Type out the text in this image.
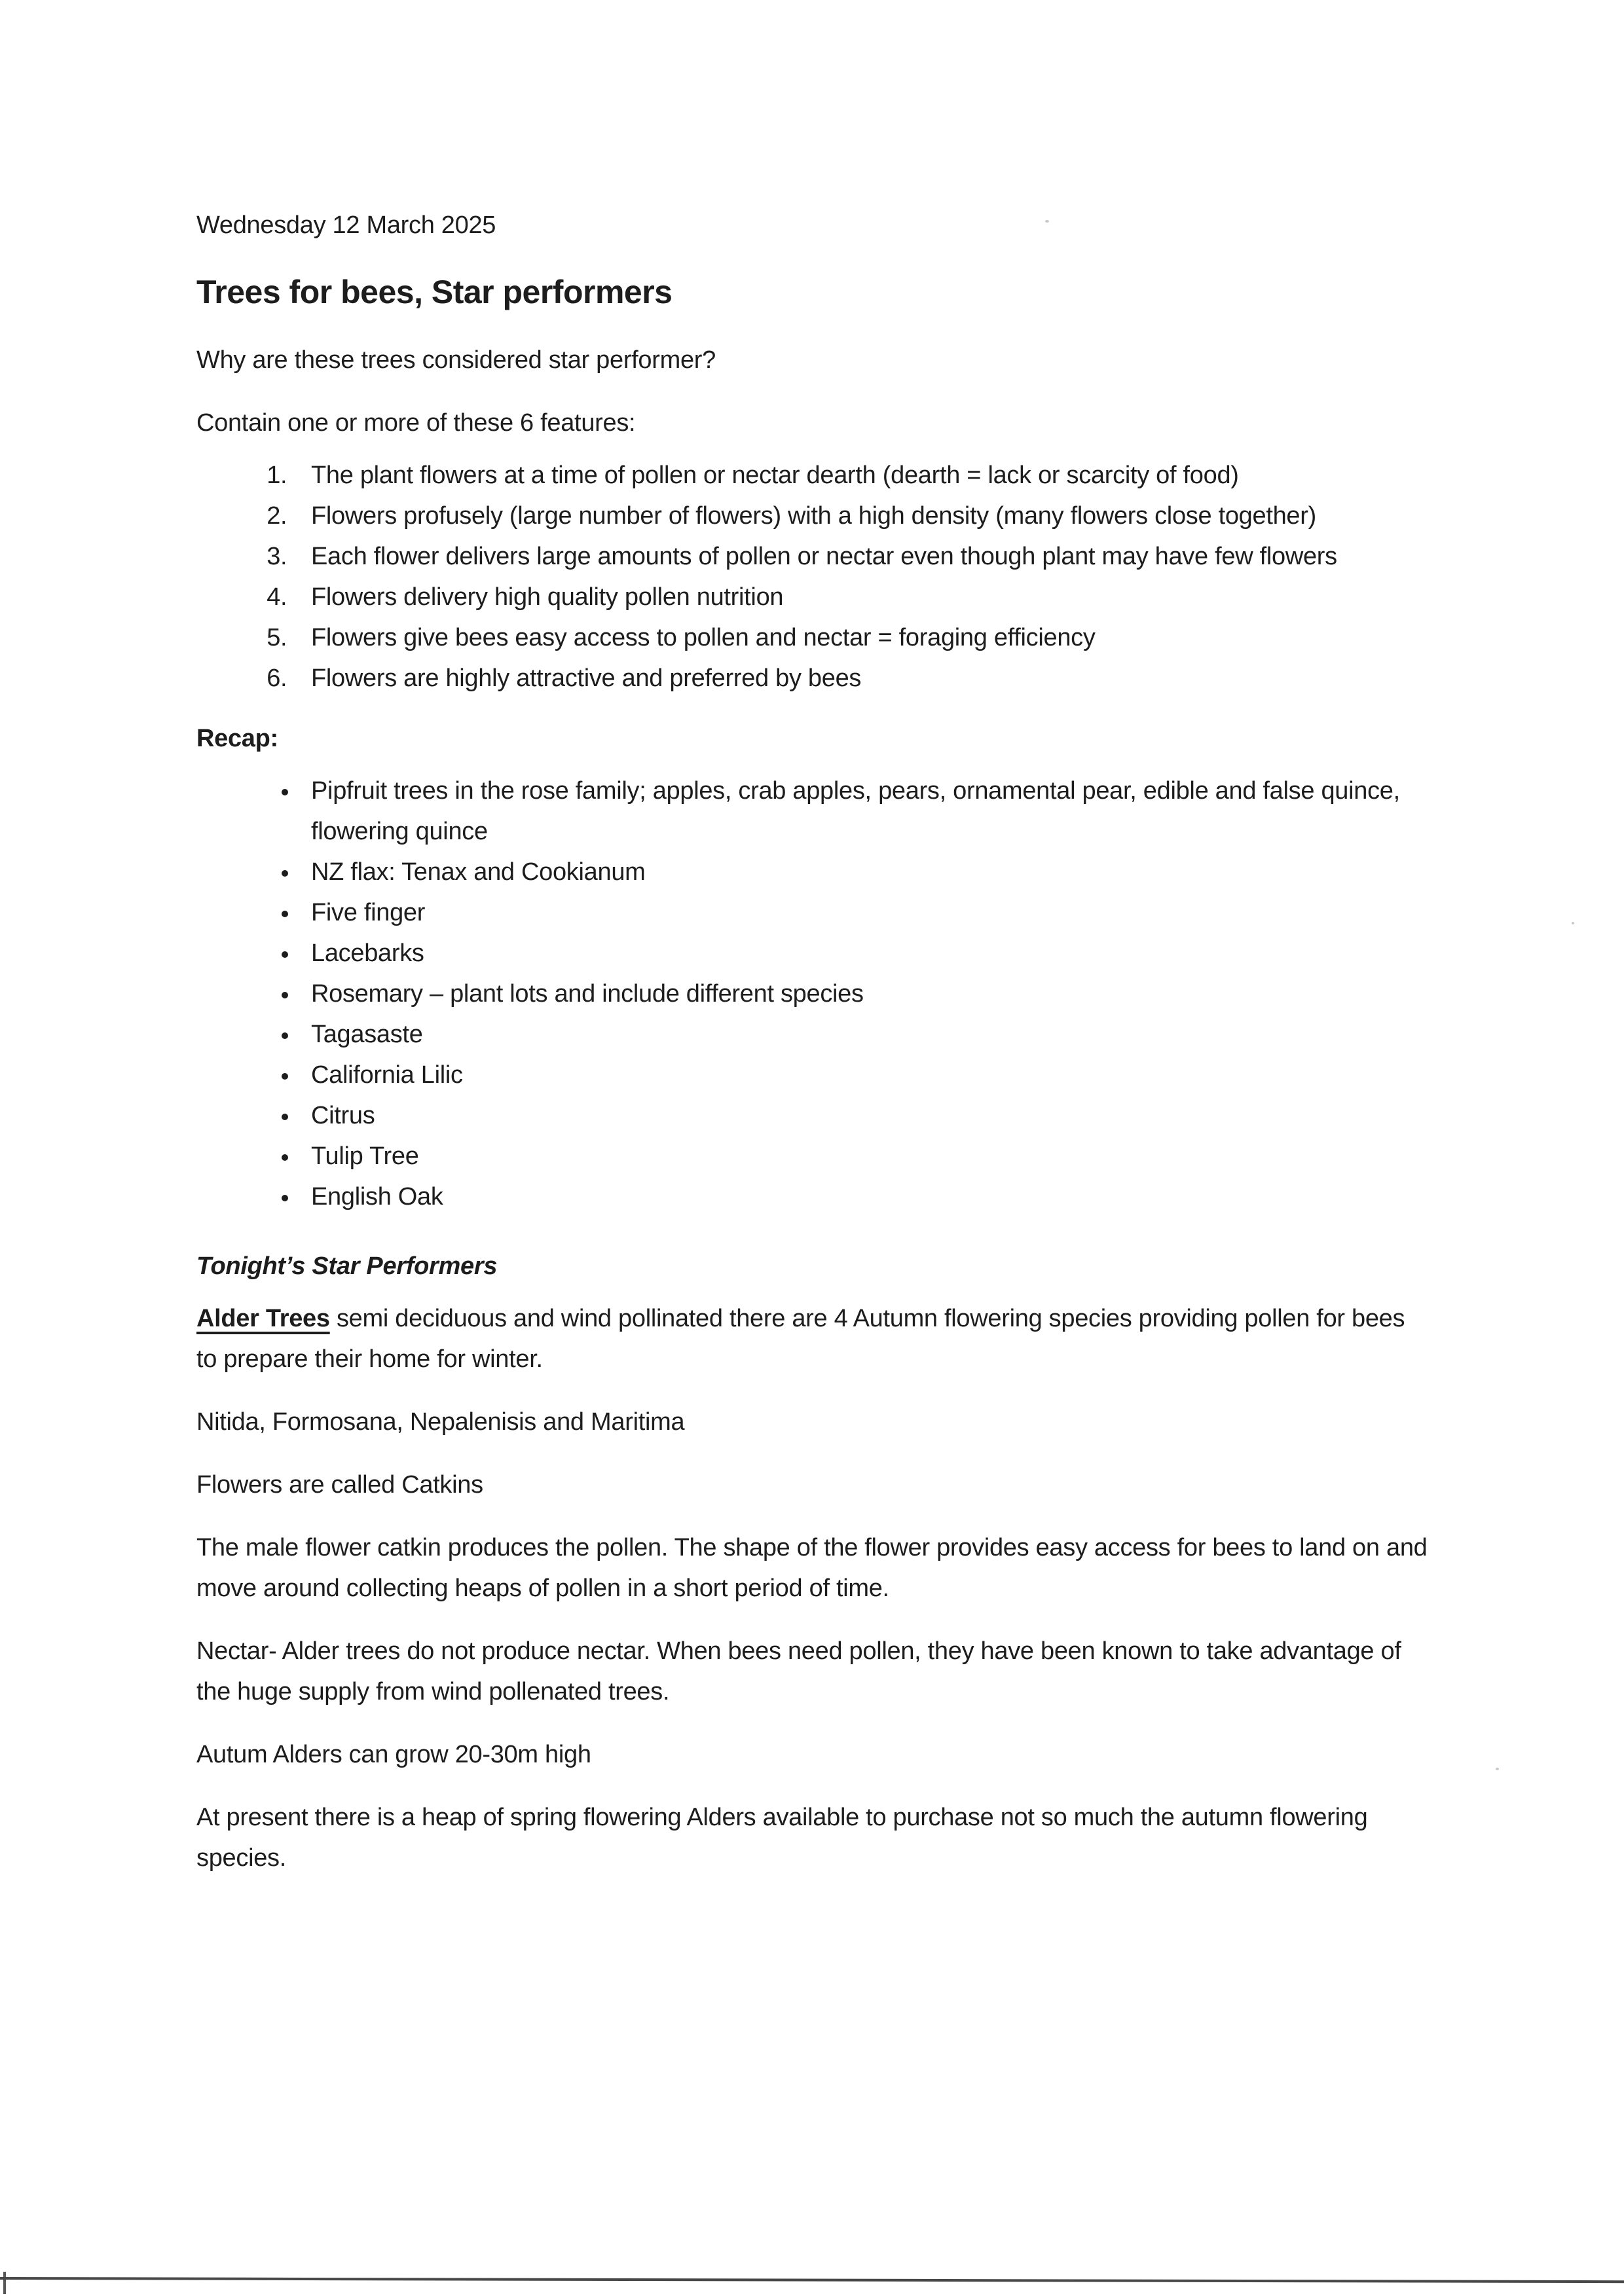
Wednesday 12 March 2025

Trees for bees, Star performers

Why are these trees considered star performer?

Contain one or more of these 6 features:

1. The plant flowers at a time of pollen or nectar dearth (dearth = lack or scarcity of food)
2. Flowers profusely (large number of flowers) with a high density (many flowers close together)
3. Each flower delivers large amounts of pollen or nectar even though plant may have few flowers
4. Flowers delivery high quality pollen nutrition
5. Flowers give bees easy access to pollen and nectar = foraging efficiency
6. Flowers are highly attractive and preferred by bees

Recap:

• Pipfruit trees in the rose family; apples, crab apples, pears, ornamental pear, edible and false quince, flowering quince
• NZ flax: Tenax and Cookianum
• Five finger
• Lacebarks
• Rosemary – plant lots and include different species
• Tagasaste
• California Lilic
• Citrus
• Tulip Tree
• English Oak

Tonight’s Star Performers

Alder Trees semi deciduous and wind pollinated there are 4 Autumn flowering species providing pollen for bees to prepare their home for winter.

Nitida, Formosana, Nepalenisis and Maritima

Flowers are called Catkins

The male flower catkin produces the pollen. The shape of the flower provides easy access for bees to land on and move around collecting heaps of pollen in a short period of time.

Nectar- Alder trees do not produce nectar. When bees need pollen, they have been known to take advantage of the huge supply from wind pollenated trees.

Autum Alders can grow 20-30m high

At present there is a heap of spring flowering Alders available to purchase not so much the autumn flowering species.
